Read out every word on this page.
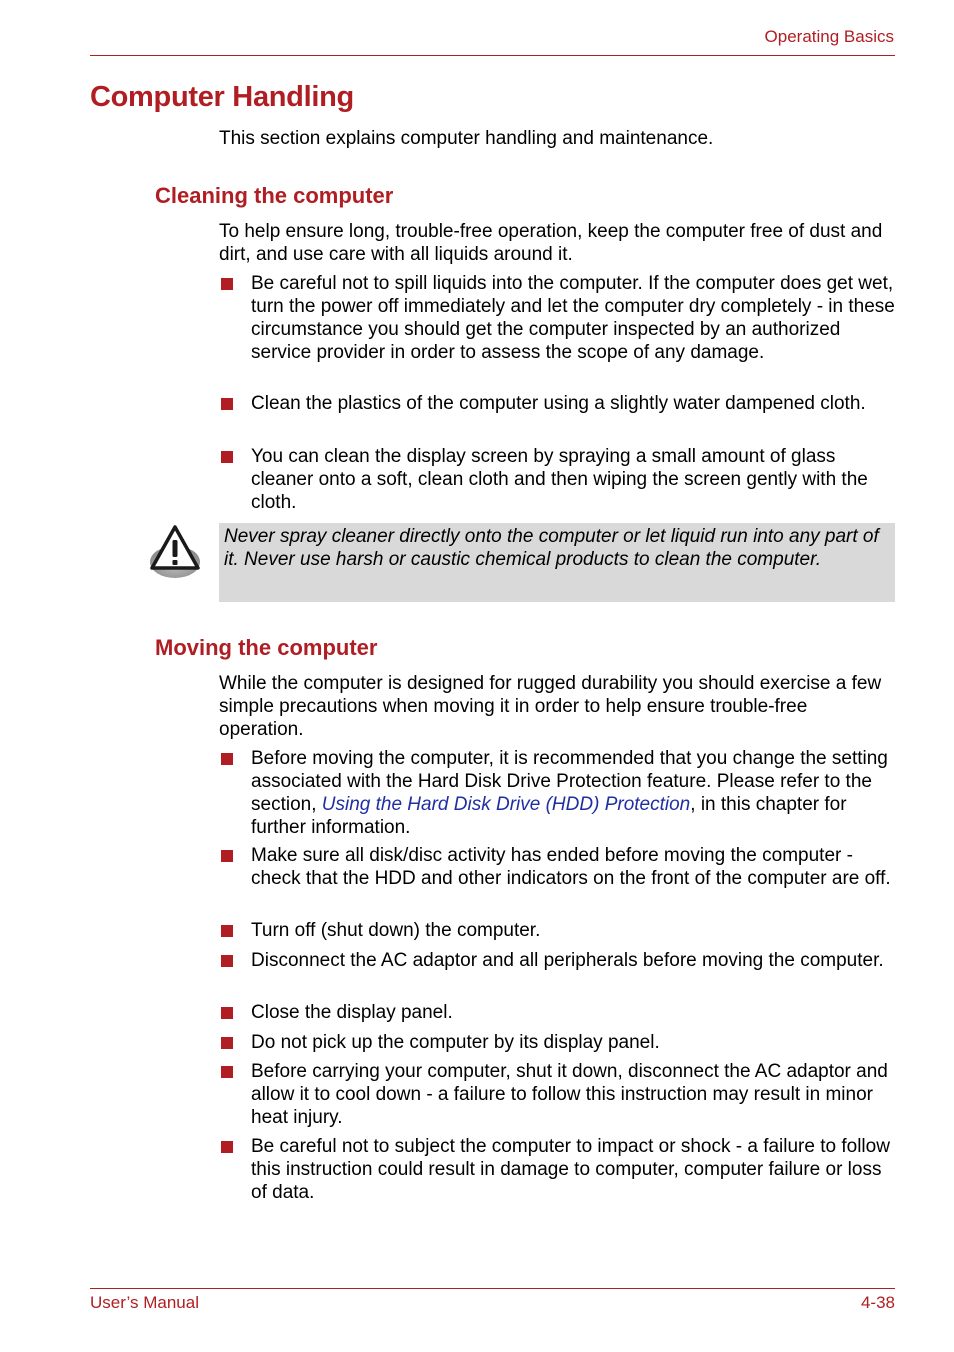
Operating Basics
Computer Handling
This section explains computer handling and maintenance.
Cleaning the computer
To help ensure long, trouble-free operation, keep the computer free of dust and dirt, and use care with all liquids around it.
Be careful not to spill liquids into the computer. If the computer does get wet, turn the power off immediately and let the computer dry completely - in these circumstance you should get the computer inspected by an authorized service provider in order to assess the scope of any damage.
Clean the plastics of the computer using a slightly water dampened cloth.
You can clean the display screen by spraying a small amount of glass cleaner onto a soft, clean cloth and then wiping the screen gently with the cloth.
Never spray cleaner directly onto the computer or let liquid run into any part of it. Never use harsh or caustic chemical products to clean the computer.
Moving the computer
While the computer is designed for rugged durability you should exercise a few simple precautions when moving it in order to help ensure trouble-free operation.
Before moving the computer, it is recommended that you change the setting associated with the Hard Disk Drive Protection feature. Please refer to the section, Using the Hard Disk Drive (HDD) Protection, in this chapter for further information.
Make sure all disk/disc activity has ended before moving the computer - check that the HDD and other indicators on the front of the computer are off.
Turn off (shut down) the computer.
Disconnect the AC adaptor and all peripherals before moving the computer.
Close the display panel.
Do not pick up the computer by its display panel.
Before carrying your computer, shut it down, disconnect the AC adaptor and allow it to cool down - a failure to follow this instruction may result in minor heat injury.
Be careful not to subject the computer to impact or shock - a failure to follow this instruction could result in damage to computer, computer failure or loss of data.
User’s Manual	4-38
